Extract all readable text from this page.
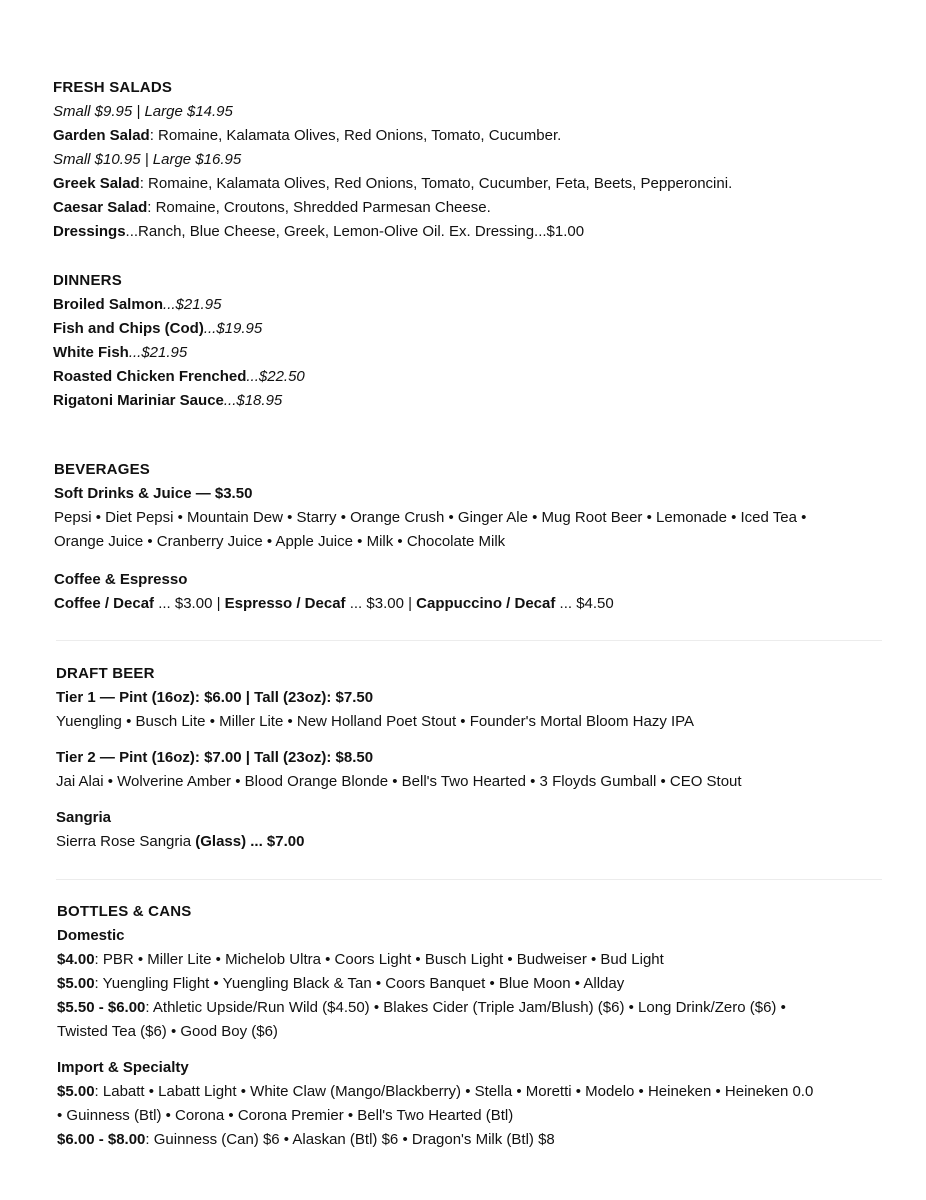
FRESH SALADS
Small $9.95 | Large $14.95
Garden Salad: Romaine, Kalamata Olives, Red Onions, Tomato, Cucumber.
Small $10.95 | Large $16.95
Greek Salad: Romaine, Kalamata Olives, Red Onions, Tomato, Cucumber, Feta, Beets, Pepperoncini.
Caesar Salad: Romaine, Croutons, Shredded Parmesan Cheese.
Dressings...Ranch, Blue Cheese, Greek, Lemon-Olive Oil. Ex. Dressing...$1.00
DINNERS
Broiled Salmon...$21.95
Fish and Chips (Cod)...$19.95
White Fish...$21.95
Roasted Chicken Frenched...$22.50
Rigatoni Mariniar Sauce...$18.95
BEVERAGES
Soft Drinks & Juice — $3.50
Pepsi • Diet Pepsi • Mountain Dew • Starry • Orange Crush • Ginger Ale • Mug Root Beer • Lemonade • Iced Tea •
Orange Juice • Cranberry Juice • Apple Juice • Milk • Chocolate Milk
Coffee & Espresso
Coffee / Decaf ... $3.00 | Espresso / Decaf ... $3.00 | Cappuccino / Decaf ... $4.50
DRAFT BEER
Tier 1 — Pint (16oz): $6.00 | Tall (23oz): $7.50
Yuengling • Busch Lite • Miller Lite • New Holland Poet Stout • Founder's Mortal Bloom Hazy IPA
Tier 2 — Pint (16oz): $7.00 | Tall (23oz): $8.50
Jai Alai • Wolverine Amber • Blood Orange Blonde • Bell's Two Hearted • 3 Floyds Gumball • CEO Stout
Sangria
Sierra Rose Sangria (Glass) ... $7.00
BOTTLES & CANS
Domestic
$4.00: PBR • Miller Lite • Michelob Ultra • Coors Light • Busch Light • Budweiser • Bud Light
$5.00: Yuengling Flight • Yuengling Black & Tan • Coors Banquet • Blue Moon • Allday
$5.50 - $6.00: Athletic Upside/Run Wild ($4.50) • Blakes Cider (Triple Jam/Blush) ($6) • Long Drink/Zero ($6) •
Twisted Tea ($6) • Good Boy ($6)
Import & Specialty
$5.00: Labatt • Labatt Light • White Claw (Mango/Blackberry) • Stella • Moretti • Modelo • Heineken • Heineken 0.0
• Guinness (Btl) • Corona • Corona Premier • Bell's Two Hearted (Btl)
$6.00 - $8.00: Guinness (Can) $6 • Alaskan (Btl) $6 • Dragon's Milk (Btl) $8
